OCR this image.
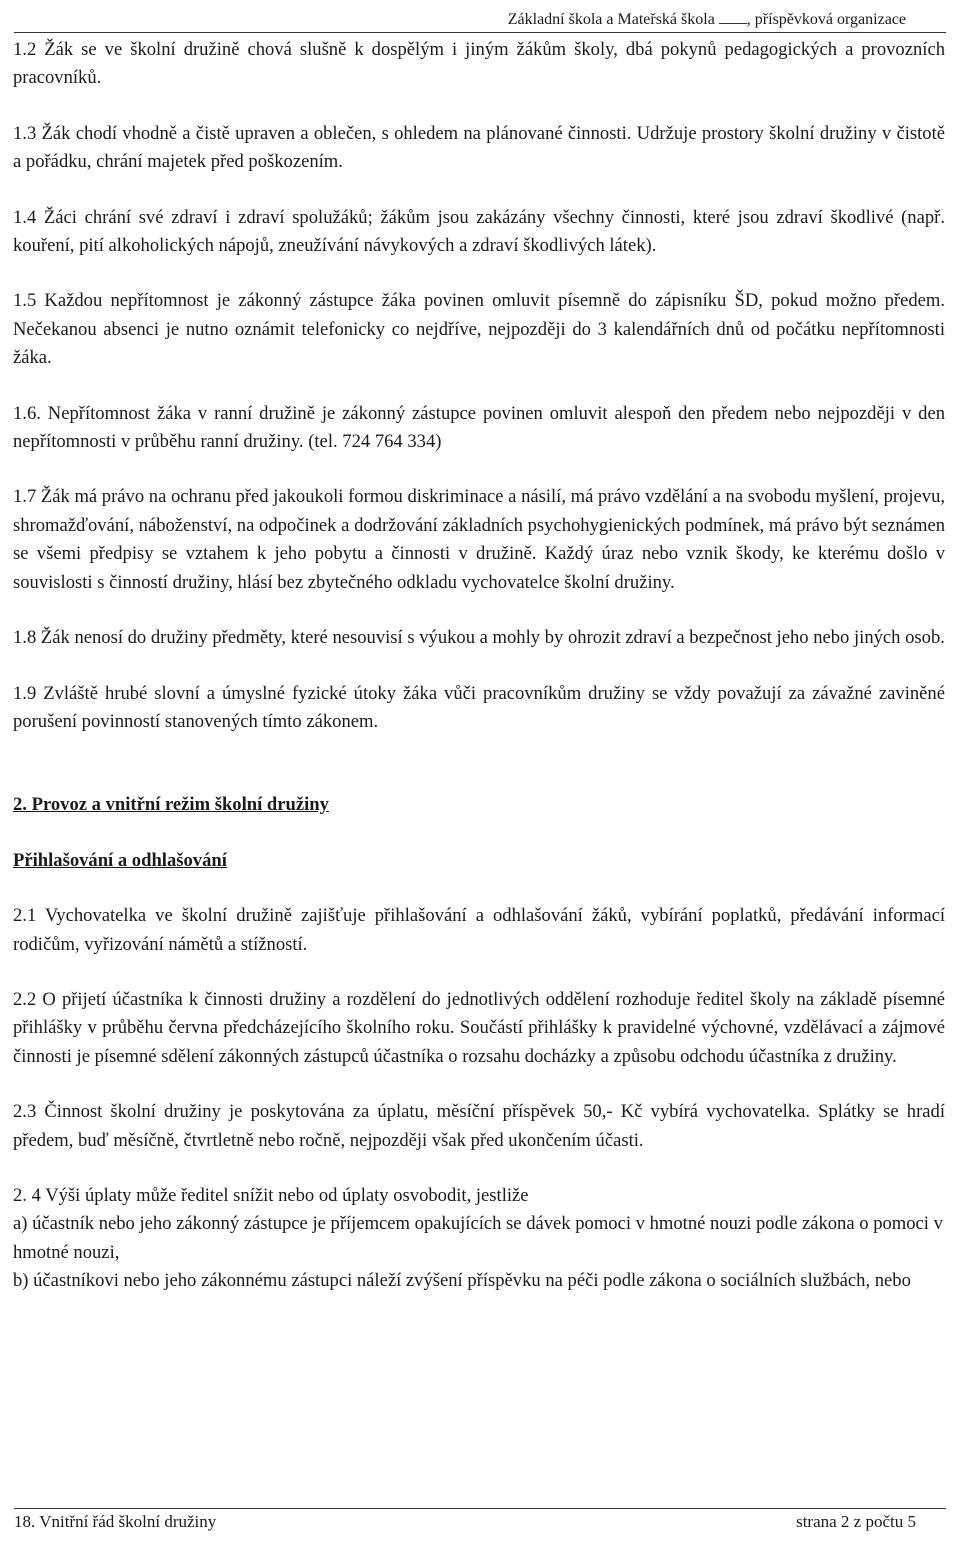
Základní škola a Mateřská škola , příspěvková organizace

1.2 Žák se ve školní družině chová slušně k dospělým i jiným žákům školy, dbá pokynů pedagogických a provozních pracovníků.

1.3 Žák chodí vhodně a čistě upraven a oblečen, s ohledem na plánované činnosti. Udržuje prostory školní družiny v čistotě a pořádku, chrání majetek před poškozením.

1.4 Žáci chrání své zdraví i zdraví spolužáků; žákům jsou zakázány všechny činnosti, které jsou zdraví škodlivé (např. kouření, pití alkoholických nápojů, zneužívání návykových a zdraví škodlivých látek).

1.5 Každou nepřítomnost je zákonný zástupce žáka povinen omluvit písemně do zápisníku ŠD, pokud možno předem. Nečekanou absenci je nutno oznámit telefonicky co nejdříve, nejpozději do 3 kalendářních dnů od počátku nepřítomnosti žáka.

1.6. Nepřítomnost žáka v ranní družině je zákonný zástupce povinen omluvit alespoň den předem nebo nejpozději v den nepřítomnosti v průběhu ranní družiny. (tel. 724 764 334)

1.7 Žák má právo na ochranu před jakoukoli formou diskriminace a násilí, má právo vzdělání a na svobodu myšlení, projevu, shromažďování, náboženství, na odpočinek a dodržování základních psychohygienických podmínek, má právo být seznámen se všemi předpisy se vztahem k jeho pobytu a činnosti v družině. Každý úraz nebo vznik škody, ke kterému došlo v souvislosti s činností družiny, hlásí bez zbytečného odkladu vychovatelce školní družiny.

1.8 Žák nenosí do družiny předměty, které nesouvisí s výukou a mohly by ohrozit zdraví a bezpečnost jeho nebo jiných osob.

1.9 Zvláště hrubé slovní a úmyslné fyzické útoky žáka vůči pracovníkům družiny se vždy považují za závažné zaviněné porušení povinností stanovených tímto zákonem.

2. Provoz a vnitřní režim školní družiny

Přihlašování a odhlašování

2.1 Vychovatelka ve školní družině zajišťuje přihlašování a odhlašování žáků, vybírání poplatků, předávání informací rodičům, vyřizování námětů a stížností.

2.2 O přijetí účastníka k činnosti družiny a rozdělení do jednotlivých oddělení rozhoduje ředitel školy na základě písemné přihlášky v průběhu června předcházejícího školního roku. Součástí přihlášky k pravidelné výchovné, vzdělávací a zájmové činnosti je písemné sdělení zákonných zástupců účastníka o rozsahu docházky a způsobu odchodu účastníka z družiny.

2.3 Činnost školní družiny je poskytována za úplatu, měsíční příspěvek 50,- Kč vybírá vychovatelka. Splátky se hradí předem, buď měsíčně, čtvrtletně nebo ročně, nejpozději však před ukončením účasti.

2. 4 Výši úplaty může ředitel snížit nebo od úplaty osvobodit, jestliže
a) účastník nebo jeho zákonný zástupce je příjemcem opakujících se dávek pomoci v hmotné nouzi podle zákona o pomoci v hmotné nouzi,
b) účastníkovi nebo jeho zákonnému zástupci náleží zvýšení příspěvku na péči podle zákona o sociálních službách, nebo
18. Vnitřní řád školní družiny	strana 2 z počtu 5
